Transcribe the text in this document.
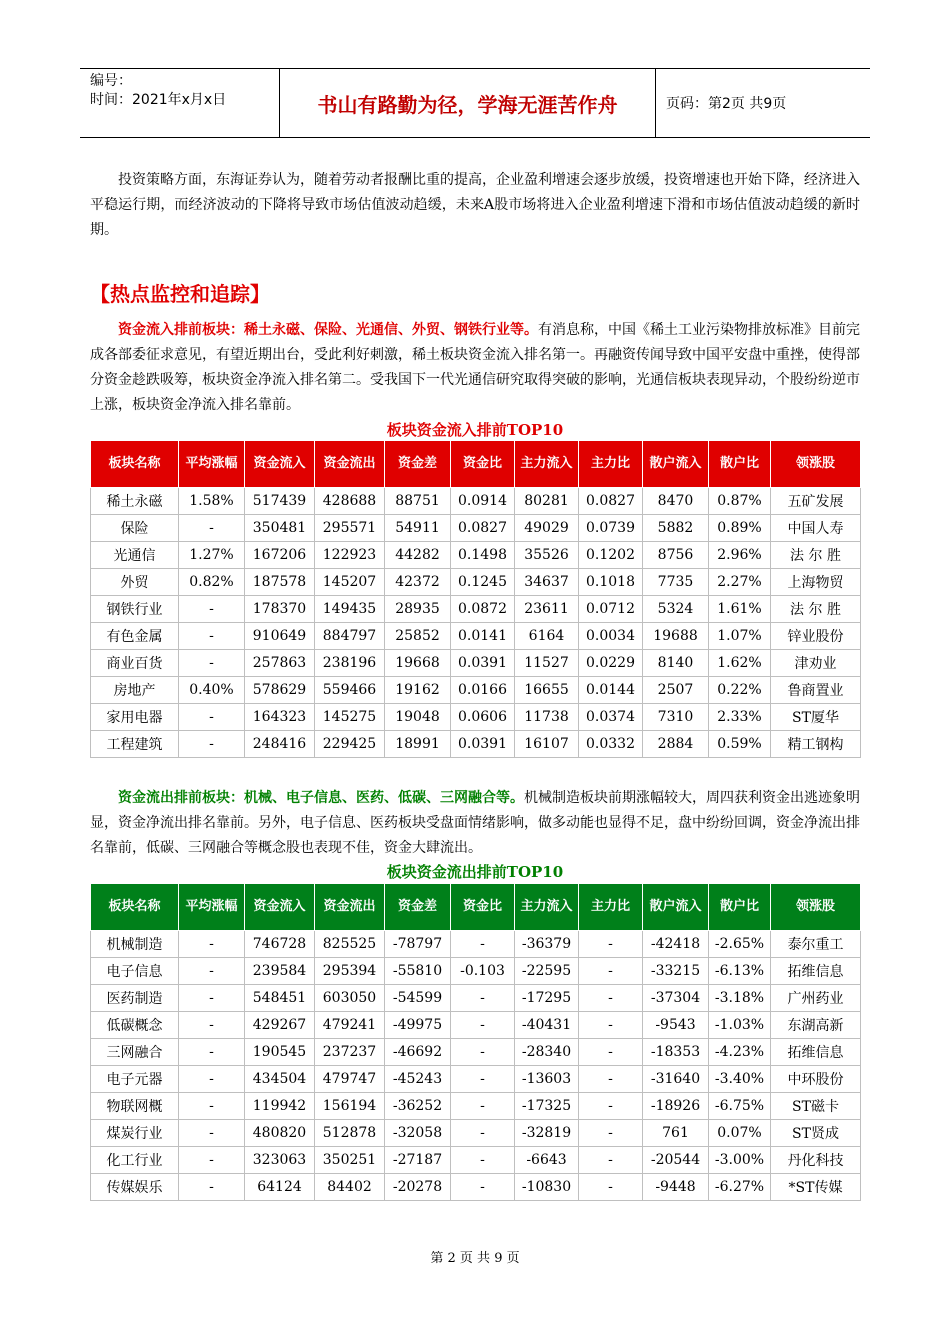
编号：
时间：2021年x月x日	书山有路勤为径，学海无涯苦作舟	页码：第2页 共9页
投资策略方面，东海证券认为，随着劳动者报酬比重的提高，企业盈利增速会逐步放缓，投资增速也开始下降，经济进入平稳运行期，而经济波动的下降将导致市场估值波动趋缓，未来A股市场将进入企业盈利增速下滑和市场估值波动趋缓的新时期。
【热点监控和追踪】
资金流入排前板块：稀土永磁、保险、光通信、外贸、钢铁行业等。有消息称，中国《稀土工业污染物排放标准》目前完成各部委征求意见，有望近期出台，受此利好刺激，稀土板块资金流入排名第一。再融资传闻导致中国平安盘中重挫，使得部分资金趁跌吸筹，板块资金净流入排名第二。受我国下一代光通信研究取得突破的影响，光通信板块表现异动，个股纷纷逆市上涨，板块资金净流入排名靠前。
板块资金流入排前TOP10
板块名称	平均涨幅	资金流入	资金流出	资金差	资金比	主力流入	主力比	散户流入	散户比	领涨股
稀土永磁	1.58%	517439	428688	88751	0.0914	80281	0.0827	8470	0.87%	五矿发展
保险	-	350481	295571	54911	0.0827	49029	0.0739	5882	0.89%	中国人寿
光通信	1.27%	167206	122923	44282	0.1498	35526	0.1202	8756	2.96%	法 尔 胜
外贸	0.82%	187578	145207	42372	0.1245	34637	0.1018	7735	2.27%	上海物贸
钢铁行业	-	178370	149435	28935	0.0872	23611	0.0712	5324	1.61%	法 尔 胜
有色金属	-	910649	884797	25852	0.0141	6164	0.0034	19688	1.07%	锌业股份
商业百货	-	257863	238196	19668	0.0391	11527	0.0229	8140	1.62%	津劝业
房地产	0.40%	578629	559466	19162	0.0166	16655	0.0144	2507	0.22%	鲁商置业
家用电器	-	164323	145275	19048	0.0606	11738	0.0374	7310	2.33%	ST厦华
工程建筑	-	248416	229425	18991	0.0391	16107	0.0332	2884	0.59%	精工钢构
资金流出排前板块：机械、电子信息、医药、低碳、三网融合等。机械制造板块前期涨幅较大，周四获利资金出逃迹象明显，资金净流出排名靠前。另外，电子信息、医药板块受盘面情绪影响，做多动能也显得不足，盘中纷纷回调，资金净流出排名靠前，低碳、三网融合等概念股也表现不佳，资金大肆流出。
板块资金流出排前TOP10
板块名称	平均涨幅	资金流入	资金流出	资金差	资金比	主力流入	主力比	散户流入	散户比	领涨股
机械制造	-	746728	825525	-78797	-	-36379	-	-42418	-2.65%	泰尔重工
电子信息	-	239584	295394	-55810	-0.103	-22595	-	-33215	-6.13%	拓维信息
医药制造	-	548451	603050	-54599	-	-17295	-	-37304	-3.18%	广州药业
低碳概念	-	429267	479241	-49975	-	-40431	-	-9543	-1.03%	东湖高新
三网融合	-	190545	237237	-46692	-	-28340	-	-18353	-4.23%	拓维信息
电子元器	-	434504	479747	-45243	-	-13603	-	-31640	-3.40%	中环股份
物联网概	-	119942	156194	-36252	-	-17325	-	-18926	-6.75%	ST磁卡
煤炭行业	-	480820	512878	-32058	-	-32819	-	761	0.07%	ST贤成
化工行业	-	323063	350251	-27187	-	-6643	-	-20544	-3.00%	丹化科技
传媒娱乐	-	64124	84402	-20278	-	-10830	-	-9448	-6.27%	*ST传媒
第 2 页 共 9 页
